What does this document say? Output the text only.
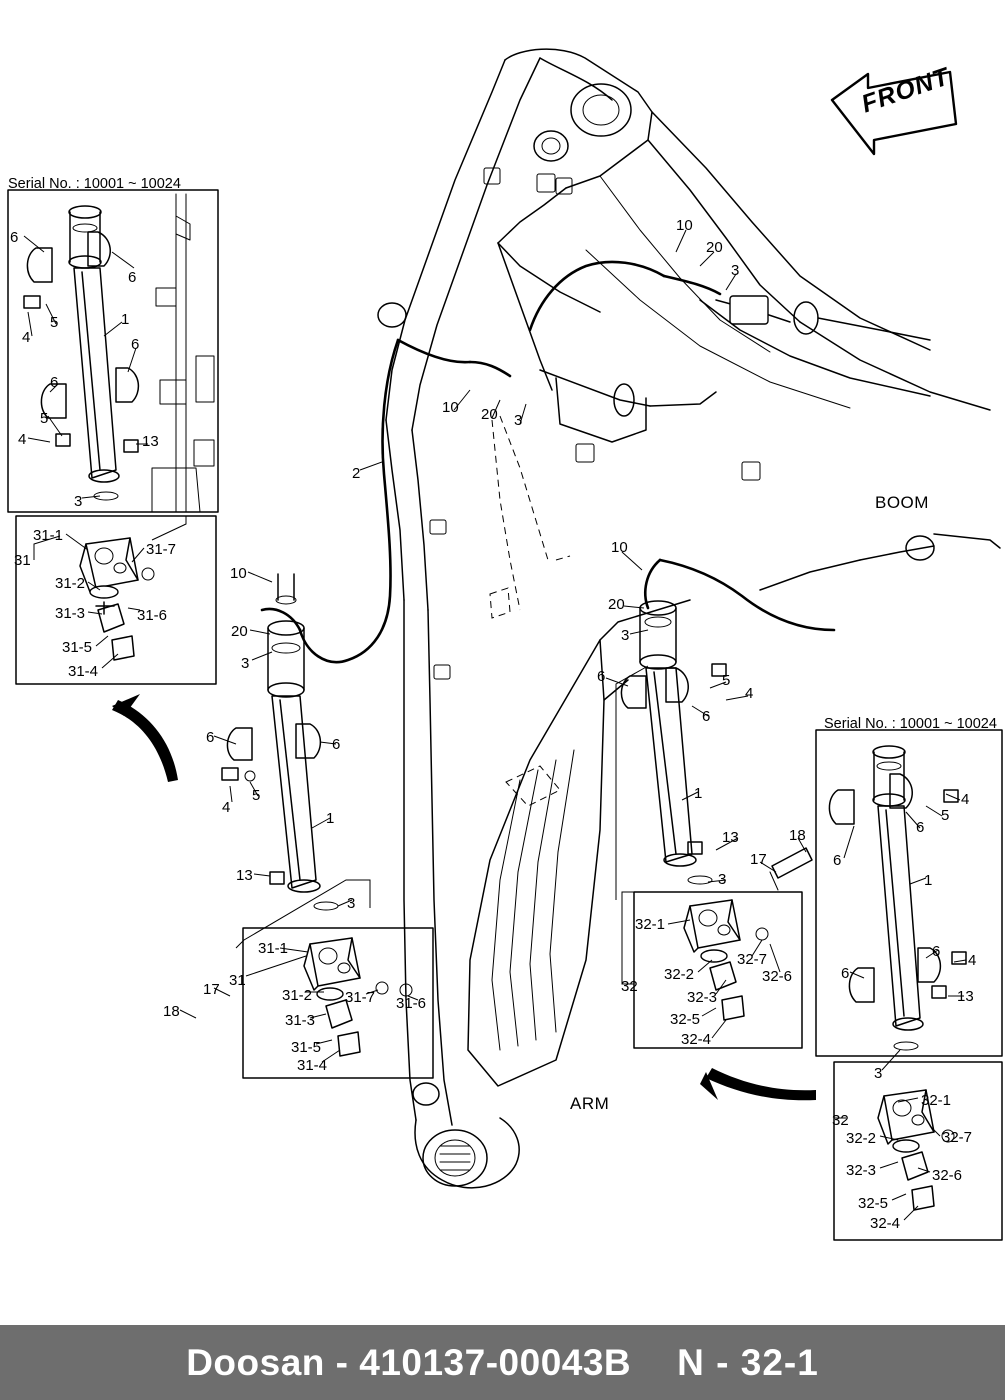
FRONT
Serial No. : 10001 ~ 10024
Serial No. : 10001 ~ 10024
6
6
4
5	1
6
6
5
4	13
3
31-1
31-7
31
31-2
31-6
31-3
31-5
31-4
10
20
3
6	6
4
5
1
13
3
2
31
31-1
31-2 31-7 31-6
31-3
31-5
31-4
17
18
10
20
3
10 20 3
BOOM
ARM
10
20
3
6	5
4
6
1
13
3
18
17
32-1
32-7
32-6
32-2
32-3
32-5
32-4
32
4
5
6
6
1
6
4
6
13
3
32-1
32-7
32
32-2
32-3	32-6
32-5
32-4
Doosan - 410137-00043B N - 32-1
